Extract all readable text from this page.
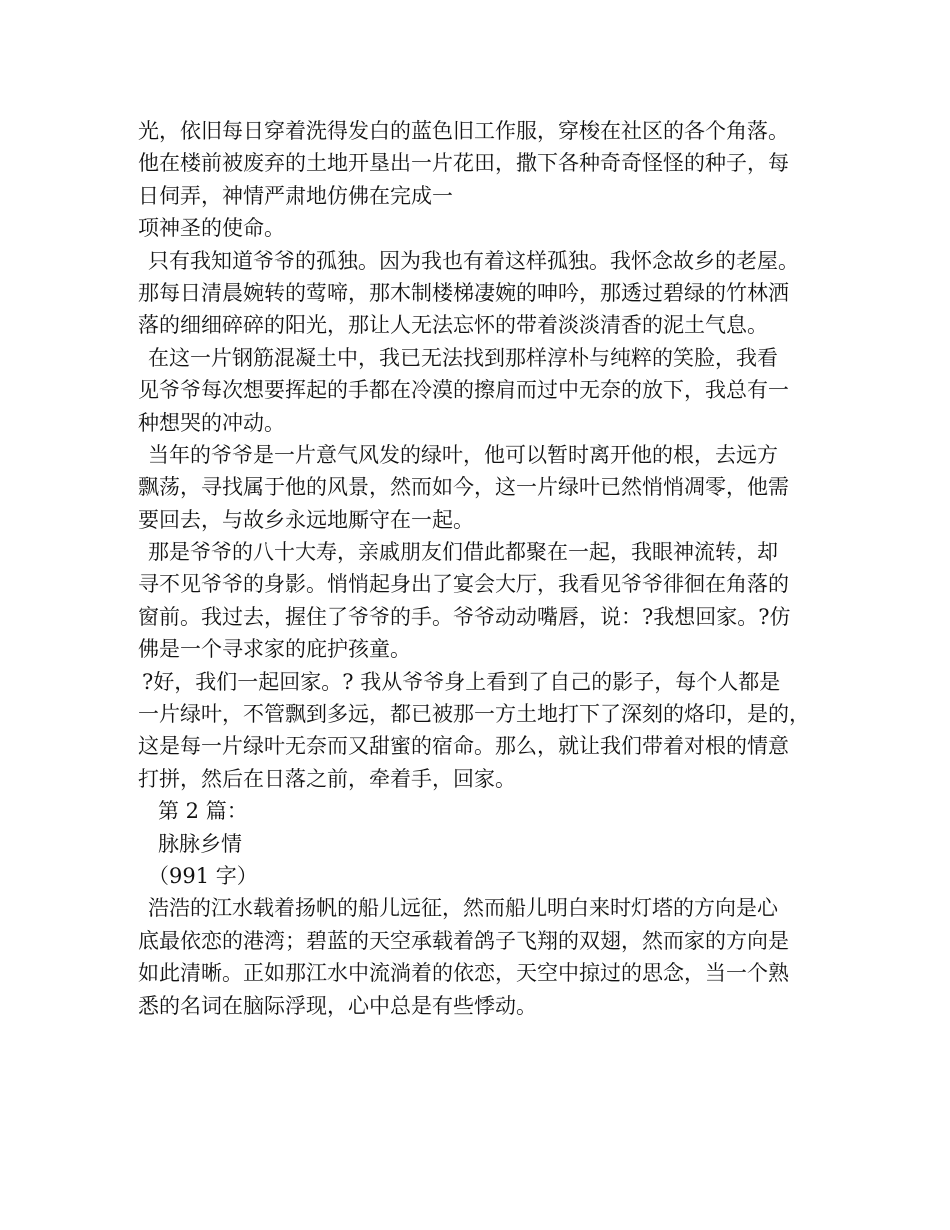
光，依旧每日穿着洗得发白的蓝色旧工作服，穿梭在社区的各个角落。
他在楼前被废弃的土地开垦出一片花田，撒下各种奇奇怪怪的种子，每
日伺弄，神情严肃地仿佛在完成一
项神圣的使命。
只有我知道爷爷的孤独。因为我也有着这样孤独。我怀念故乡的老屋。
那每日清晨婉转的莺啼，那木制楼梯凄婉的呻吟，那透过碧绿的竹林洒
落的细细碎碎的阳光，那让人无法忘怀的带着淡淡清香的泥土气息。
在这一片钢筋混凝土中，我已无法找到那样淳朴与纯粹的笑脸，我看
见爷爷每次想要挥起的手都在冷漠的擦肩而过中无奈的放下，我总有一
种想哭的冲动。
当年的爷爷是一片意气风发的绿叶，他可以暂时离开他的根，去远方
飘荡，寻找属于他的风景，然而如今，这一片绿叶已然悄悄凋零，他需
要回去，与故乡永远地厮守在一起。
那是爷爷的八十大寿，亲戚朋友们借此都聚在一起，我眼神流转，却
寻不见爷爷的身影。悄悄起身出了宴会大厅，我看见爷爷徘徊在角落的
窗前。我过去，握住了爷爷的手。爷爷动动嘴唇，说：?我想回家。?仿
佛是一个寻求家的庇护孩童。
?好，我们一起回家。? 我从爷爷身上看到了自己的影子，每个人都是
一片绿叶，不管飘到多远，都已被那一方土地打下了深刻的烙印，是的，
这是每一片绿叶无奈而又甜蜜的宿命。那么，就让我们带着对根的情意
打拼，然后在日落之前，牵着手，回家。
第 2 篇：
脉脉乡情
（991 字）
浩浩的江水载着扬帆的船儿远征，然而船儿明白来时灯塔的方向是心
底最依恋的港湾；碧蓝的天空承载着鸽子飞翔的双翅，然而家的方向是
如此清晰。正如那江水中流淌着的依恋，天空中掠过的思念，当一个熟
悉的名词在脑际浮现，心中总是有些悸动。
